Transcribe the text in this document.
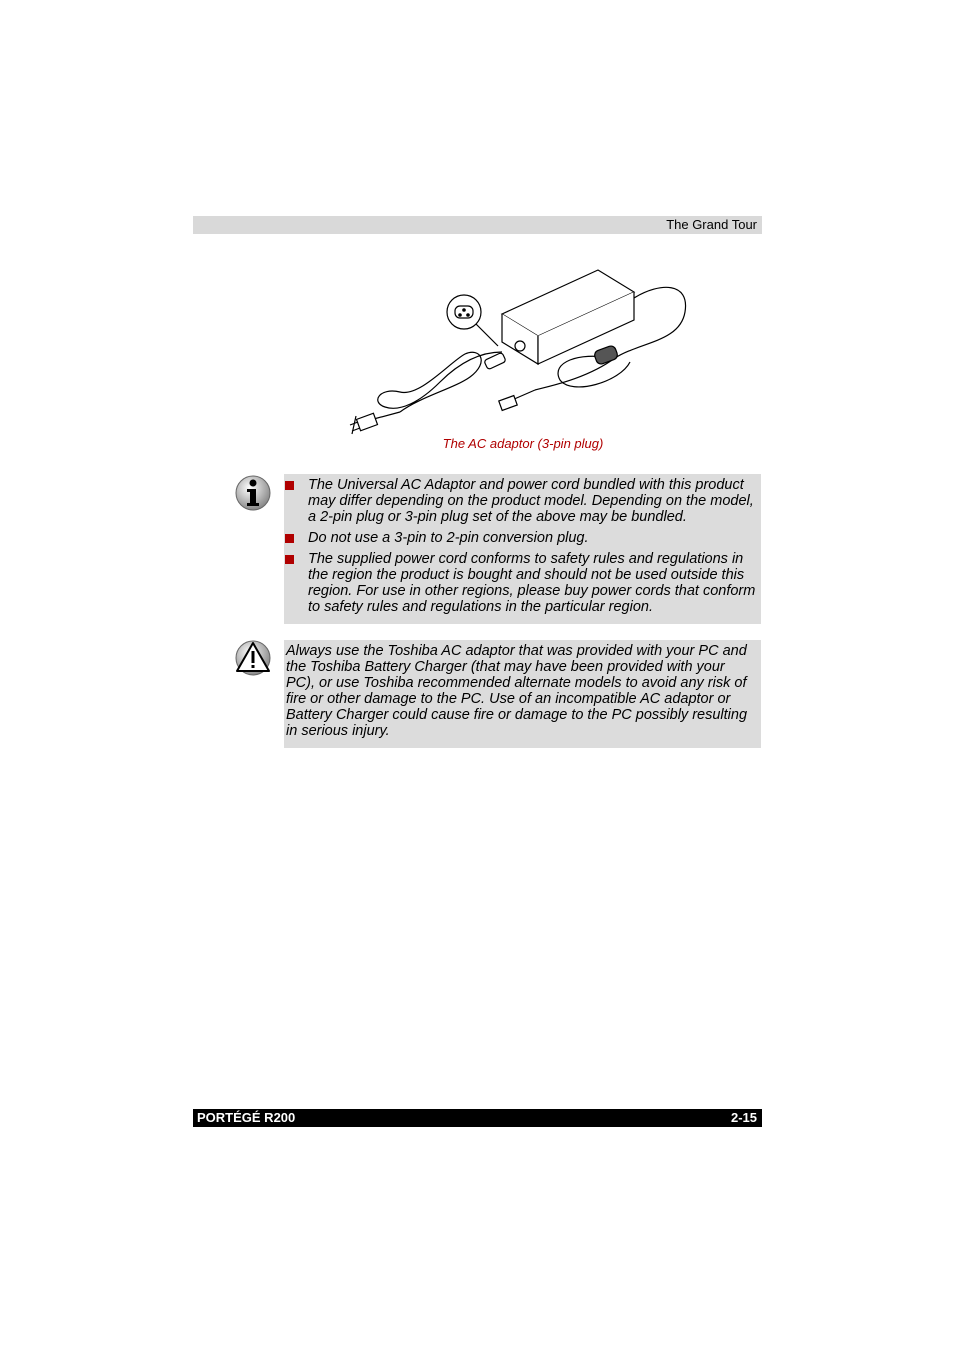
The Grand Tour
The AC adaptor (3-pin plug)
The Universal AC Adaptor and power cord bundled with this product may differ depending on the product model. Depending on the model, a 2-pin plug or 3-pin plug set of the above may be bundled.
Do not use a 3-pin to 2-pin conversion plug.
The supplied power cord conforms to safety rules and regulations in the region the product is bought and should not be used outside this region. For use in other regions, please buy power cords that conform to safety rules and regulations in the particular region.
Always use the Toshiba AC adaptor that was provided with your PC and the Toshiba Battery Charger (that may have been provided with your PC), or use Toshiba recommended alternate models to avoid any risk of fire or other damage to the PC. Use of an incompatible AC adaptor or Battery Charger could cause fire or damage to the PC possibly resulting in serious injury.
PORTÉGÉ R200	2-15
